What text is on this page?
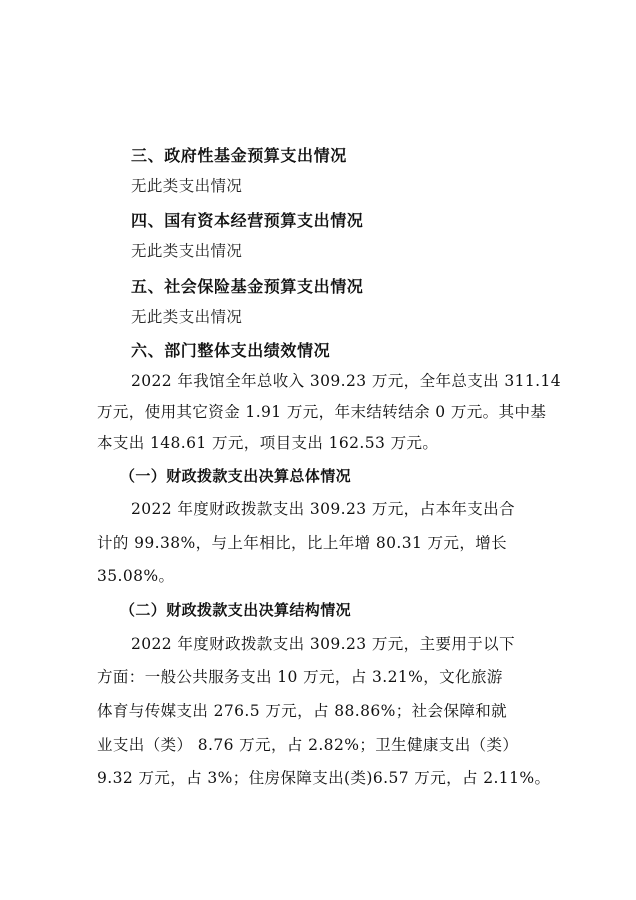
三、政府性基金预算支出情况

无此类支出情况

四、国有资本经营预算支出情况

无此类支出情况

五、社会保险基金预算支出情况

无此类支出情况

六、部门整体支出绩效情况

2022 年我馆全年总收入 309.23 万元，全年总支出 311.14

万元，使用其它资金 1.91 万元，年末结转结余 0 万元。其中基

本支出 148.61 万元，项目支出 162.53 万元。

（一）财政拨款支出决算总体情况

2022 年度财政拨款支出 309.23 万元，占本年支出合

计的 99.38%，与上年相比，比上年增 80.31 万元，增长

35.08%。

（二）财政拨款支出决算结构情况

2022 年度财政拨款支出 309.23 万元，主要用于以下

方面：一般公共服务支出 10 万元，占 3.21%，文化旅游

体育与传媒支出 276.5 万元，占 88.86%；社会保障和就

业支出（类） 8.76 万元，占 2.82%；卫生健康支出（类）

9.32 万元，占 3%；住房保障支出(类)6.57 万元，占 2.11%。
